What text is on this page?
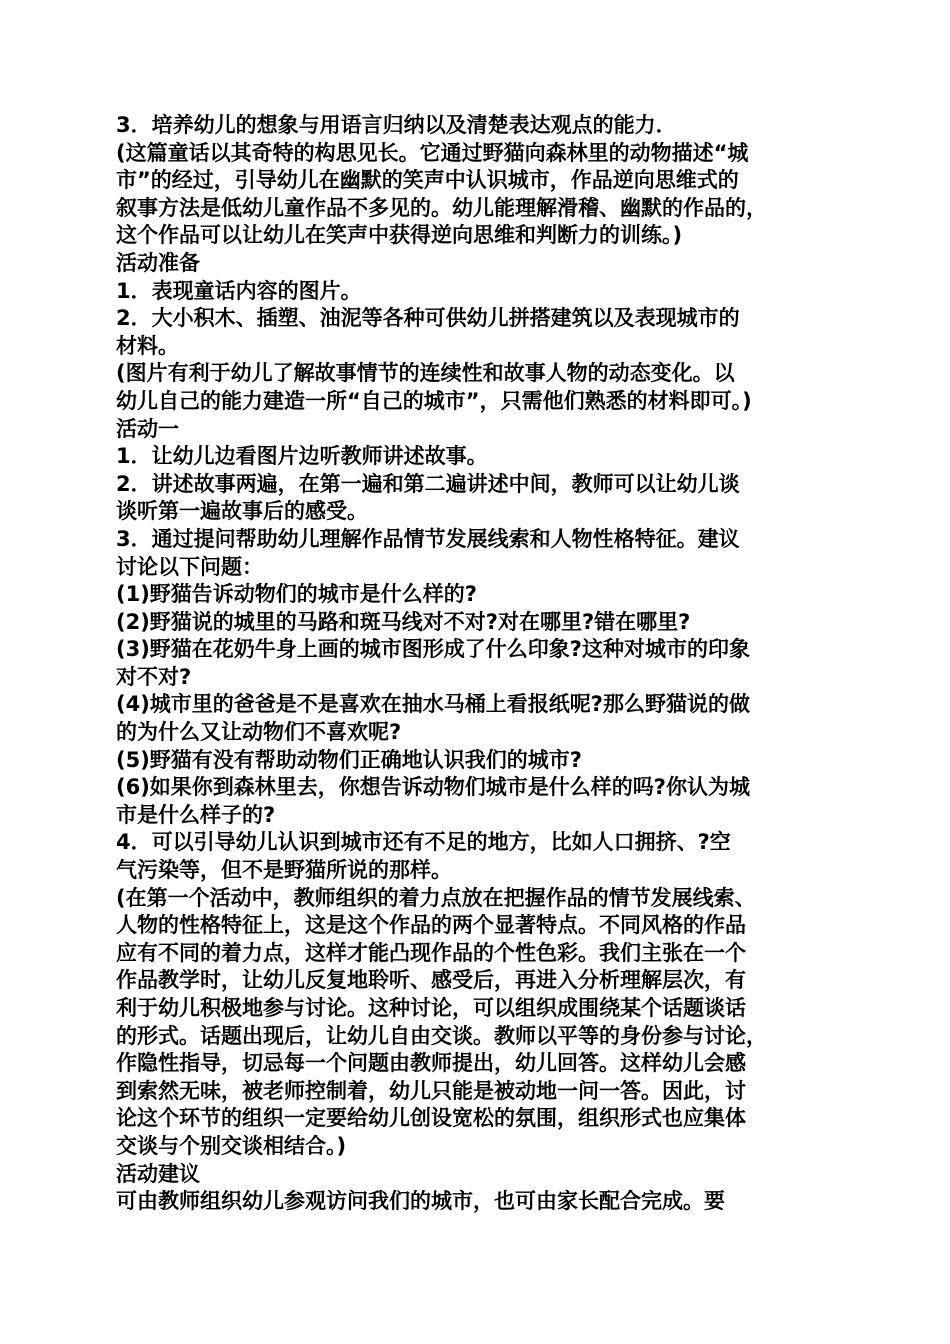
3．培养幼儿的想象与用语言归纳以及清楚表达观点的能力．
(这篇童话以其奇特的构思见长。它通过野猫向森林里的动物描述“城
市”的经过，引导幼儿在幽默的笑声中认识城市，作品逆向思维式的
叙事方法是低幼儿童作品不多见的。幼儿能理解滑稽、幽默的作品的，
这个作品可以让幼儿在笑声中获得逆向思维和判断力的训练。)
活动准备
1．表现童话内容的图片。
2．大小积木、插塑、油泥等各种可供幼儿拼搭建筑以及表现城市的
材料。
(图片有利于幼儿了解故事情节的连续性和故事人物的动态变化。以
幼儿自己的能力建造一所“自己的城市”，只需他们熟悉的材料即可。)
活动一
1．让幼儿边看图片边听教师讲述故事。
2．讲述故事两遍，在第一遍和第二遍讲述中间，教师可以让幼儿谈
谈听第一遍故事后的感受。
3．通过提问帮助幼儿理解作品情节发展线索和人物性格特征。建议
讨论以下问题：
(1)野猫告诉动物们的城市是什么样的?
(2)野猫说的城里的马路和斑马线对不对?对在哪里?错在哪里?
(3)野猫在花奶牛身上画的城市图形成了什么印象?这种对城市的印象
对不对?
(4)城市里的爸爸是不是喜欢在抽水马桶上看报纸呢?那么野猫说的做
的为什么又让动物们不喜欢呢?
(5)野猫有没有帮助动物们正确地认识我们的城市?
(6)如果你到森林里去，你想告诉动物们城市是什么样的吗?你认为城
市是什么样子的?
4．可以引导幼儿认识到城市还有不足的地方，比如人口拥挤、?空
气污染等，但不是野猫所说的那样。
(在第一个活动中，教师组织的着力点放在把握作品的情节发展线索、
人物的性格特征上，这是这个作品的两个显著特点。不同风格的作品
应有不同的着力点，这样才能凸现作品的个性色彩。我们主张在一个
作品教学时，让幼儿反复地聆听、感受后，再进入分析理解层次，有
利于幼儿积极地参与讨论。这种讨论，可以组织成围绕某个话题谈话
的形式。话题出现后，让幼儿自由交谈。教师以平等的身份参与讨论，
作隐性指导，切忌每一个问题由教师提出，幼儿回答。这样幼儿会感
到索然无味，被老师控制着，幼儿只能是被动地一问一答。因此，讨
论这个环节的组织一定要给幼儿创设宽松的氛围，组织形式也应集体
交谈与个别交谈相结合。)
活动建议
可由教师组织幼儿参观访问我们的城市，也可由家长配合完成。要
